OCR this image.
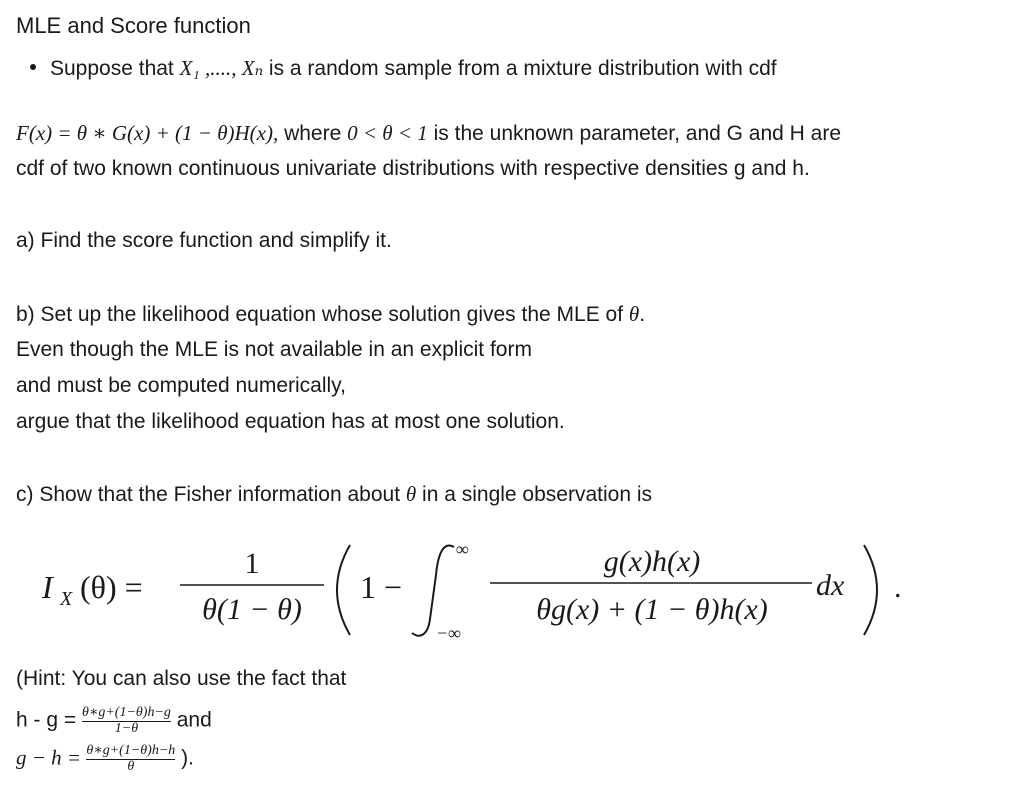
MLE and Score function
Suppose that X₁ ,...., Xₙ is a random sample from a mixture distribution with cdf
F(x) = θ ∗ G(x) + (1 − θ)H(x), where 0 < θ < 1 is the unknown parameter, and G and H are
cdf of two known continuous univariate distributions with respective densities g and h.
a) Find the score function and simplify it.
b) Set up the likelihood equation whose solution gives the MLE of θ.
Even though the MLE is not available in an explicit form
and must be computed numerically,
argue that the likelihood equation has at most one solution.
c) Show that the Fisher information about θ in a single observation is
I X (θ) =
1
θ(1 − θ)
1 −
∞
−∞
g(x)h(x)
θg(x) + (1 − θ)h(x)
dx .
(Hint: You can also use the fact that
$h - g = \frac{\theta∗g+(1-\theta)h-g}{1-\theta}$ and
$g - h = \frac{\theta∗g+(1-\theta)h-h}{\theta}$ ).
